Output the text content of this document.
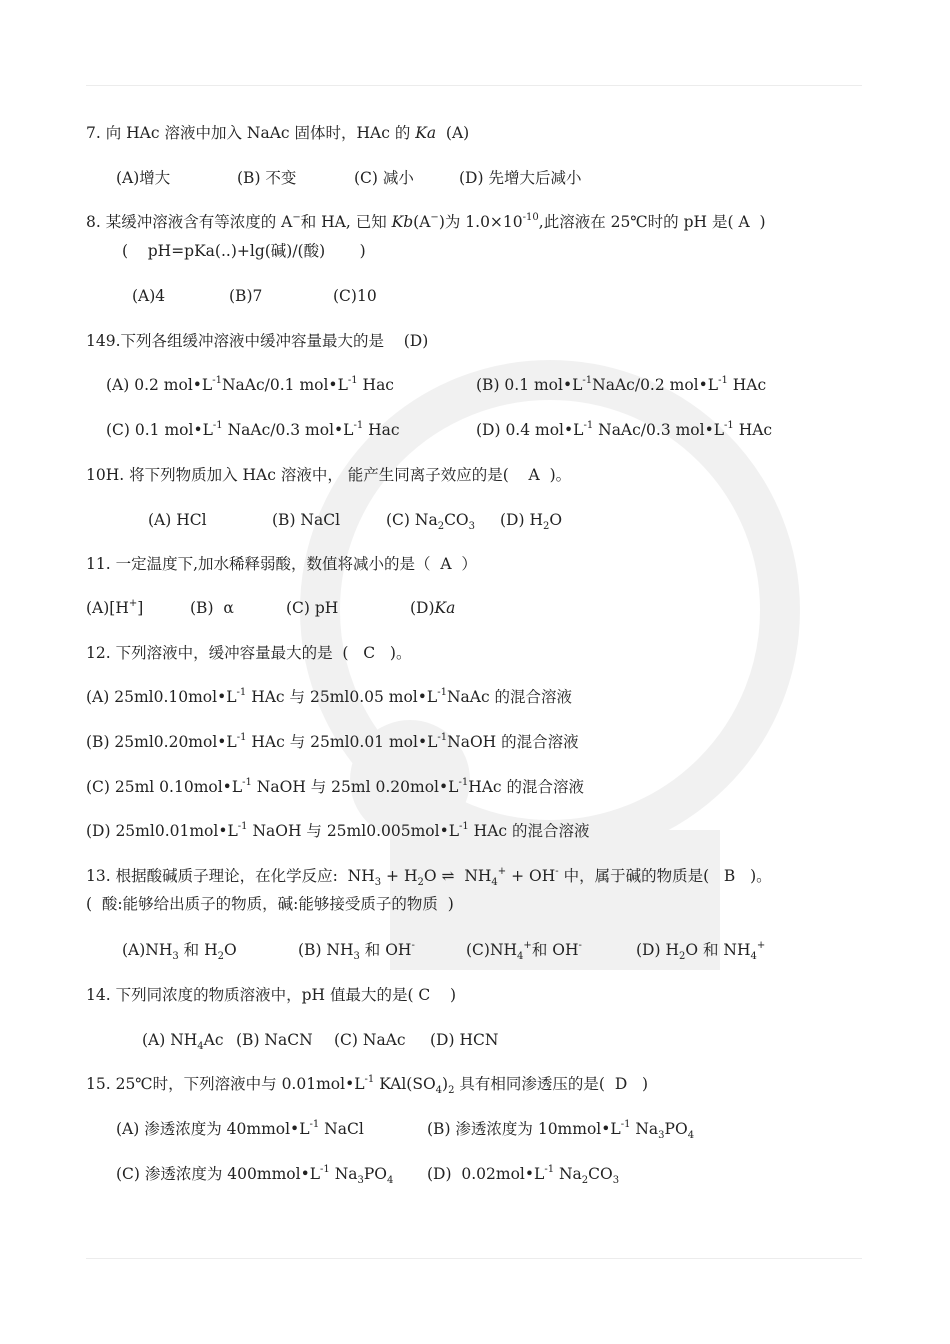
7. 向 HAc 溶液中加入 NaAc 固体时，HAc 的 Ka  (A)
(A)增大	(B) 不变	(C) 减小	(D) 先增大后减小
8. 某缓冲溶液含有等浓度的 A−和 HA, 已知 Kb(A−)为 $1.0\times 10^{-10}$,此溶液在 25℃时的 pH 是( A  )
(    pH=pKa(..)+lg(碱)/(酸)       )
(A)4	(B)7	(C)10
149.下列各组缓冲溶液中缓冲容量最大的是    (D)
(A) 0.2 $mol•L^{-1}NaAc/0.1$ $mol•L^{-1}$ Hac	(B) 0.1 $mol•L^{-1}NaAc/0.2$ $mol•L^{-1}$ HAc
(C) 0.1 $mol•L^{-1}$ NaAc/0.3 $mol•L^{-1}$ Hac	(D) 0.4 $mol•L^{-1}$ NaAc/0.3 $mol•L^{-1}$ HAc
10H. 将下列物质加入 HAc 溶液中， 能产生同离子效应的是(    A  )。
(A) HCl	(B) NaCl	(C) $Na_2CO_3$ (D) $H_2O$
11. 一定温度下,加水稀释弱酸，数值将减小的是（  A  ）
(A)[H+]	(B)  α	(C) pH	(D)Ka
12. 下列溶液中，缓冲容量最大的是  (   C   )。
(A) $25ml0.10mol•L^{-1}$ HAc 与 25ml0.05 $mol•L^{-1}NaAc$ 的混合溶液
(B) $25ml0.20mol•L^{-1}$ HAc 与 25ml0.01 $mol•L^{-1}NaOH$ 的混合溶液
(C) 25ml $0.10mol•L^{-1}$ NaOH 与 25ml $0.20mol•L^{-1}HAc$ 的混合溶液
(D) $25ml0.01mol•L^{-1}$ NaOH 与 $25ml0.005mol•L^{-1}$ HAc 的混合溶液
13. 根据酸碱质子理论，在化学反应:  $NH_3 + H_2O$ ⇌  $NH_4^+ + OH^-$ 中，属于碱的物质是(   B   )。
(  酸:能够给出质子的物质，碱:能够接受质子的物质  )
$(A)NH_3$ 和 $H_2O$	(B) $NH_3$ 和 OH-	$(C)NH_4^+$和 OH-	(D) $H_2O$ 和 $NH_4^+$
14. 下列同浓度的物质溶液中，pH 值最大的是( C    )
(A) $NH_4Ac$ (B) NaCN (C) NaAc (D) HCN
15. 25℃时，下列溶液中与 $0.01mol•L^{-1}$ $KAl(SO_4)_2$ 具有相同渗透压的是(  D   )
(A) 渗透浓度为 $40mmol•L^{-1}$ NaCl	(B) 渗透浓度为 $10mmol•L^{-1}$ $Na_3PO_4$
(C) 渗透浓度为 $400mmol•L^{-1}$ $Na_3PO_4$ (D)  $0.02mol•L^{-1}$ $Na_2CO_3$
